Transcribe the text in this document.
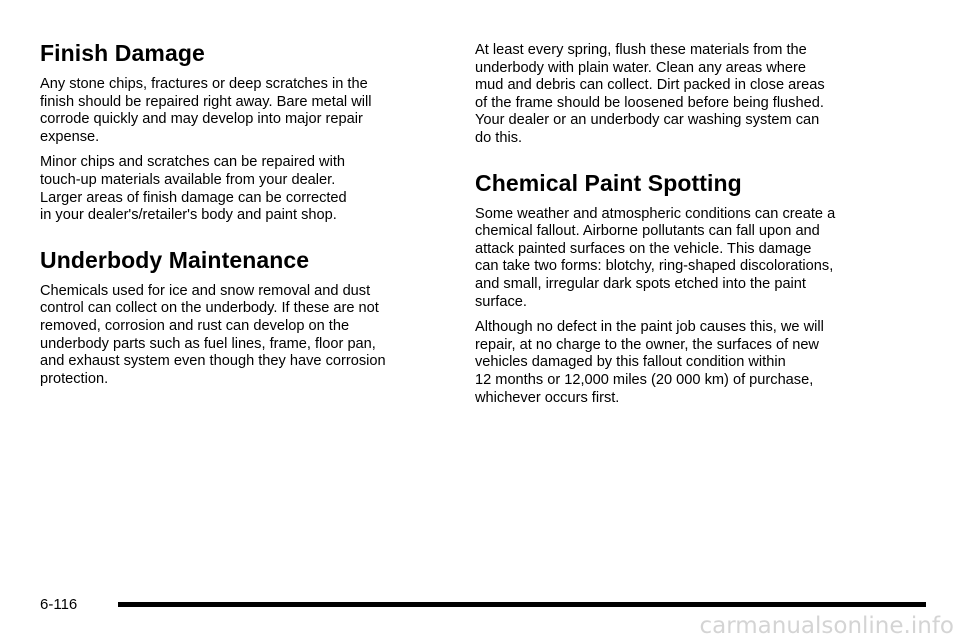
Finish Damage

Any stone chips, fractures or deep scratches in the
finish should be repaired right away. Bare metal will
corrode quickly and may develop into major repair
expense.

Minor chips and scratches can be repaired with
touch-up materials available from your dealer.
Larger areas of finish damage can be corrected
in your dealer's/retailer's body and paint shop.

Underbody Maintenance

Chemicals used for ice and snow removal and dust
control can collect on the underbody. If these are not
removed, corrosion and rust can develop on the
underbody parts such as fuel lines, frame, floor pan,
and exhaust system even though they have corrosion
protection.

At least every spring, flush these materials from the
underbody with plain water. Clean any areas where
mud and debris can collect. Dirt packed in close areas
of the frame should be loosened before being flushed.
Your dealer or an underbody car washing system can
do this.

Chemical Paint Spotting

Some weather and atmospheric conditions can create a
chemical fallout. Airborne pollutants can fall upon and
attack painted surfaces on the vehicle. This damage
can take two forms: blotchy, ring-shaped discolorations,
and small, irregular dark spots etched into the paint
surface.

Although no defect in the paint job causes this, we will
repair, at no charge to the owner, the surfaces of new
vehicles damaged by this fallout condition within
12 months or 12,000 miles (20 000 km) of purchase,
whichever occurs first.

6-116
carmanualsonline.info
